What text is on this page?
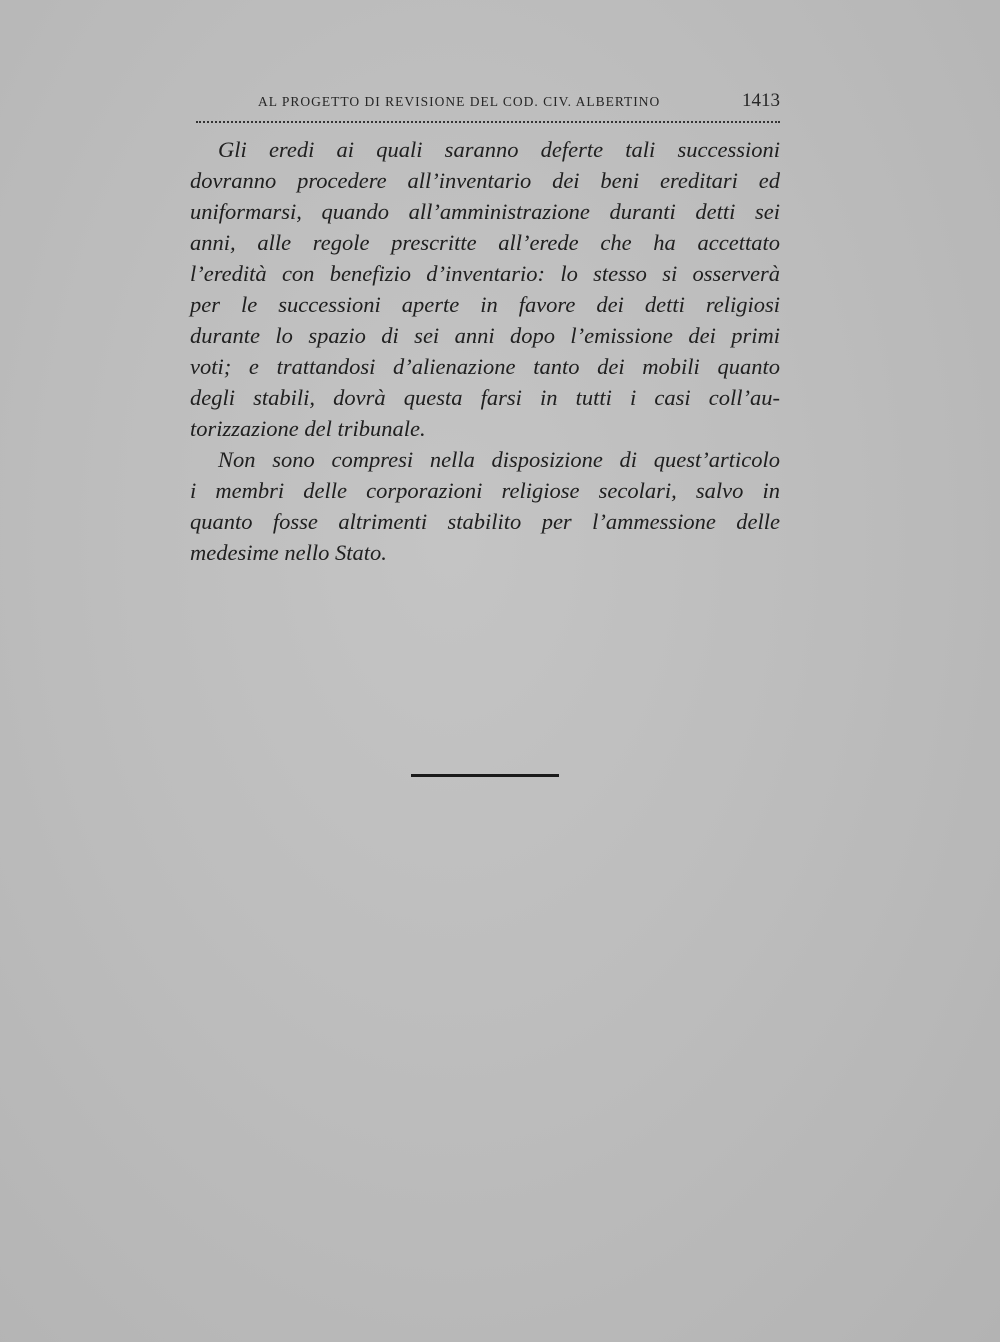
AL PROGETTO DI REVISIONE DEL COD. CIV. ALBERTINO	1413

Gli eredi ai quali saranno deferte tali successioni
dovranno procedere all’inventario dei beni ereditari ed
uniformarsi, quando all’amministrazione duranti detti sei
anni, alle regole prescritte all’erede che ha accettato
l’eredità con benefizio d’inventario: lo stesso si osserverà
per le successioni aperte in favore dei detti religiosi
durante lo spazio di sei anni dopo l’emissione dei primi
voti; e trattandosi d’alienazione tanto dei mobili quanto
degli stabili, dovrà questa farsi in tutti i casi coll’au-
torizzazione del tribunale.

Non sono compresi nella disposizione di quest’articolo
i membri delle corporazioni religiose secolari, salvo in
quanto fosse altrimenti stabilito per l’ammessione delle
medesime nello Stato.
